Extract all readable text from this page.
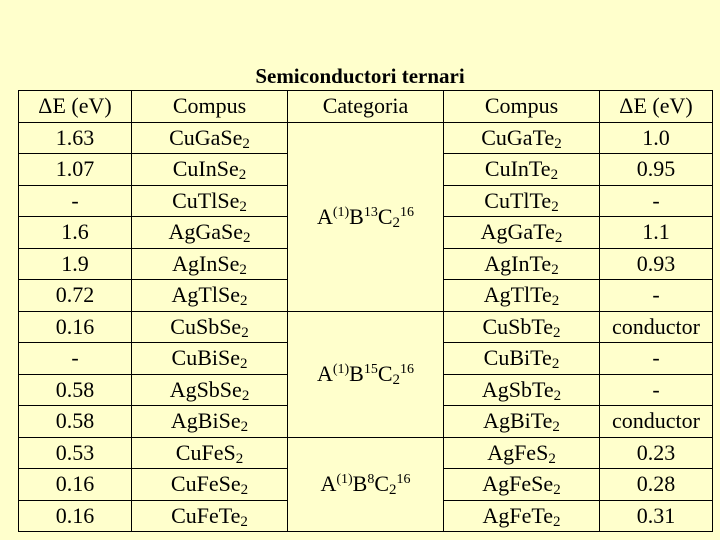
Semiconductori ternari
ΔE (eV)	Compus	Categoria	Compus	ΔE (eV)
1.63	CuGaSe$_2$	$A^{(1)}B^{13}C_2^{16}$	CuGaTe$_2$	1.0
1.07	CuInSe$_2$		CuInTe$_2$	0.95
-	CuTlSe$_2$		CuTlTe$_2$	-
1.6	AgGaSe$_2$		AgGaTe$_2$	1.1
1.9	AgInSe$_2$		AgInTe$_2$	0.93
0.72	AgTlSe$_2$		AgTlTe$_2$	-
0.16	CuSbSe$_2$	$A^{(1)}B^{15}C_2^{16}$	CuSbTe$_2$	conductor
-	CuBiSe$_2$		CuBiTe$_2$	-
0.58	AgSbSe$_2$		AgSbTe$_2$	-
0.58	AgBiSe$_2$		AgBiTe$_2$	conductor
0.53	CuFeS$_2$	$A^{(1)}B^8C_2^{16}$	AgFeS$_2$	0.23
0.16	CuFeSe$_2$		AgFeSe$_2$	0.28
0.16	CuFeTe$_2$		AgFeTe$_2$	0.31
